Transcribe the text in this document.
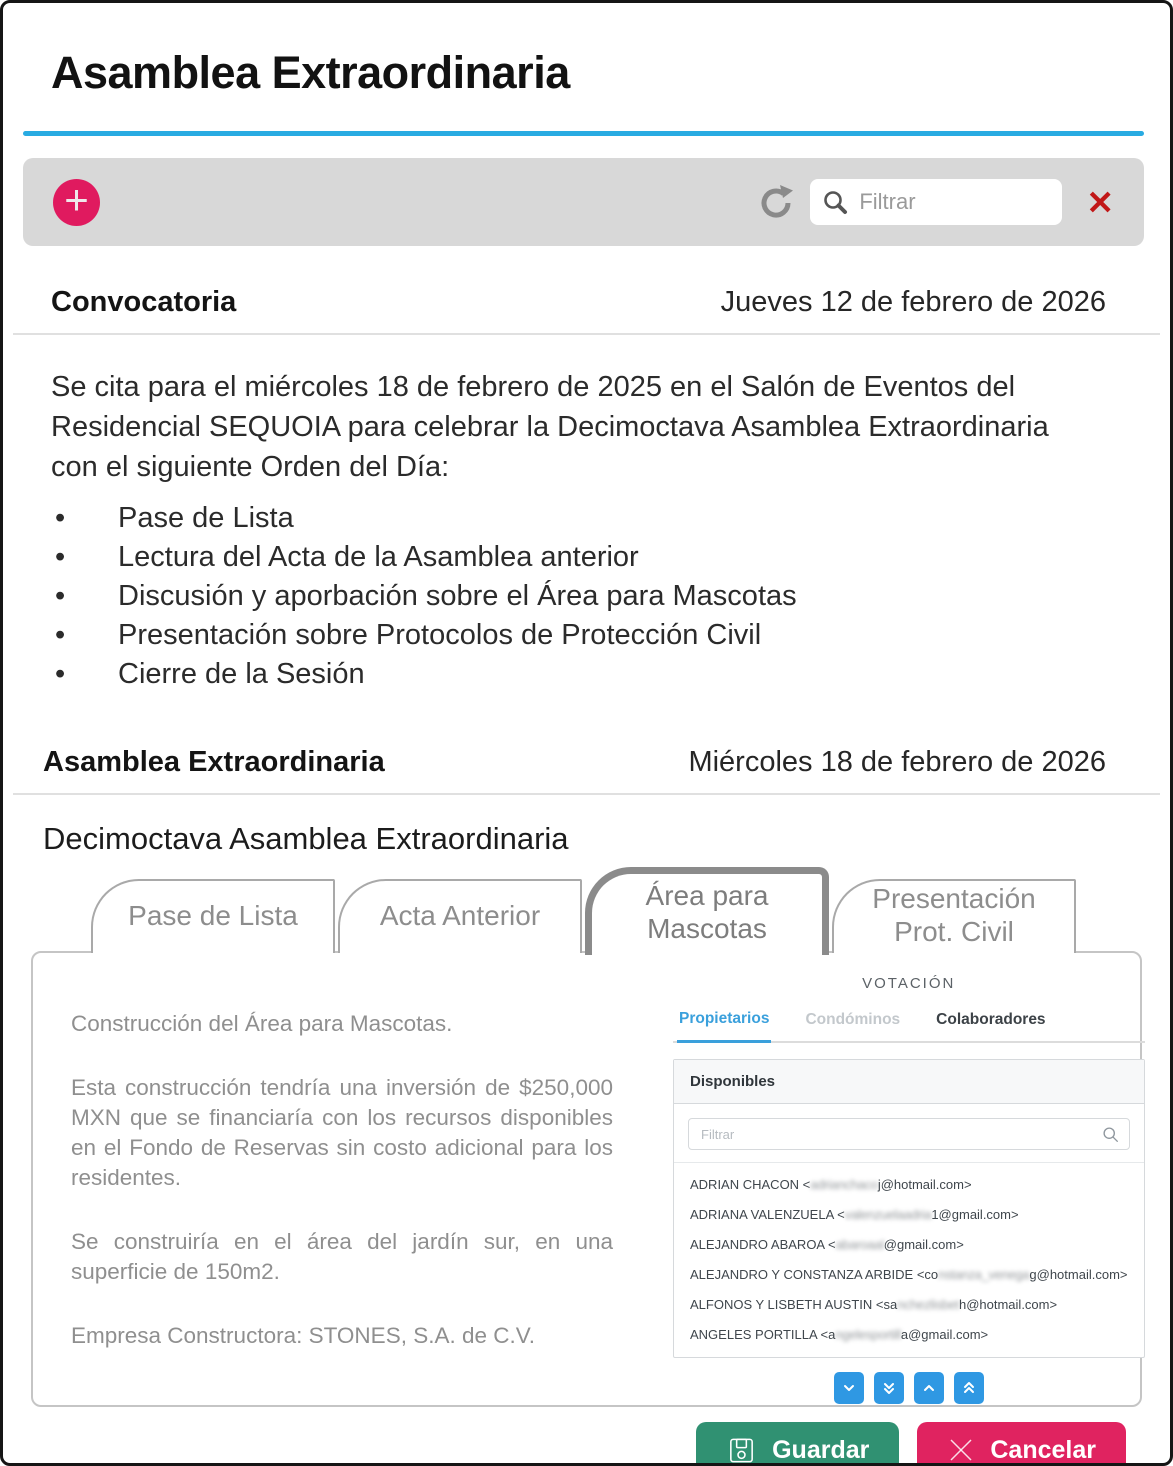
Asamblea Extraordinaria
+
Filtrar	✕
Convocatoria	Jueves 12 de febrero de 2026

Se cita para el miércoles 18 de febrero de 2025 en el Salón de Eventos del Residencial SEQUOIA para celebrar la Decimoctava Asamblea Extraordinaria con el siguiente Orden del Día:

• Pase de Lista
• Lectura del Acta de la Asamblea anterior
• Discusión y aporbación sobre el Área para Mascotas
• Presentación sobre Protocolos de Protección Civil
• Cierre de la Sesión
Asamblea Extraordinaria	Miércoles 18 de febrero de 2026
Decimoctava Asamblea Extraordinaria
Pase de Lista	Acta Anterior
Área para Mascotas
Presentación Prot. Civil

Construcción del Área para Mascotas.

Esta construcción tendría una inversión de $250,000 MXN que se financiaría con los recursos disponibles en el Fondo de Reservas sin costo adicional para los residentes.

Se construiría en el área del jardín sur, en una superficie de 150m2.

Empresa Constructora: STONES, S.A. de C.V.

VOTACIÓN
Propietarios Condóminos Colaboradores
Disponibles
Filtrar
ADRIAN CHACON <adrianchacoj@hotmail.com>
ADRIANA VALENZUELA <valenzuelaadria1@gmail.com>
ALEJANDRO ABAROA <abaroaal@gmail.com>
ALEJANDRO Y CONSTANZA ARBIDE <constanza_venegag@hotmail.com>
ALFONOS Y LISBETH AUSTIN <sanchezlisbeth@hotmail.com>
ANGELES PORTILLA <angelesportilla@gmail.com>
Guardar	Cancelar
